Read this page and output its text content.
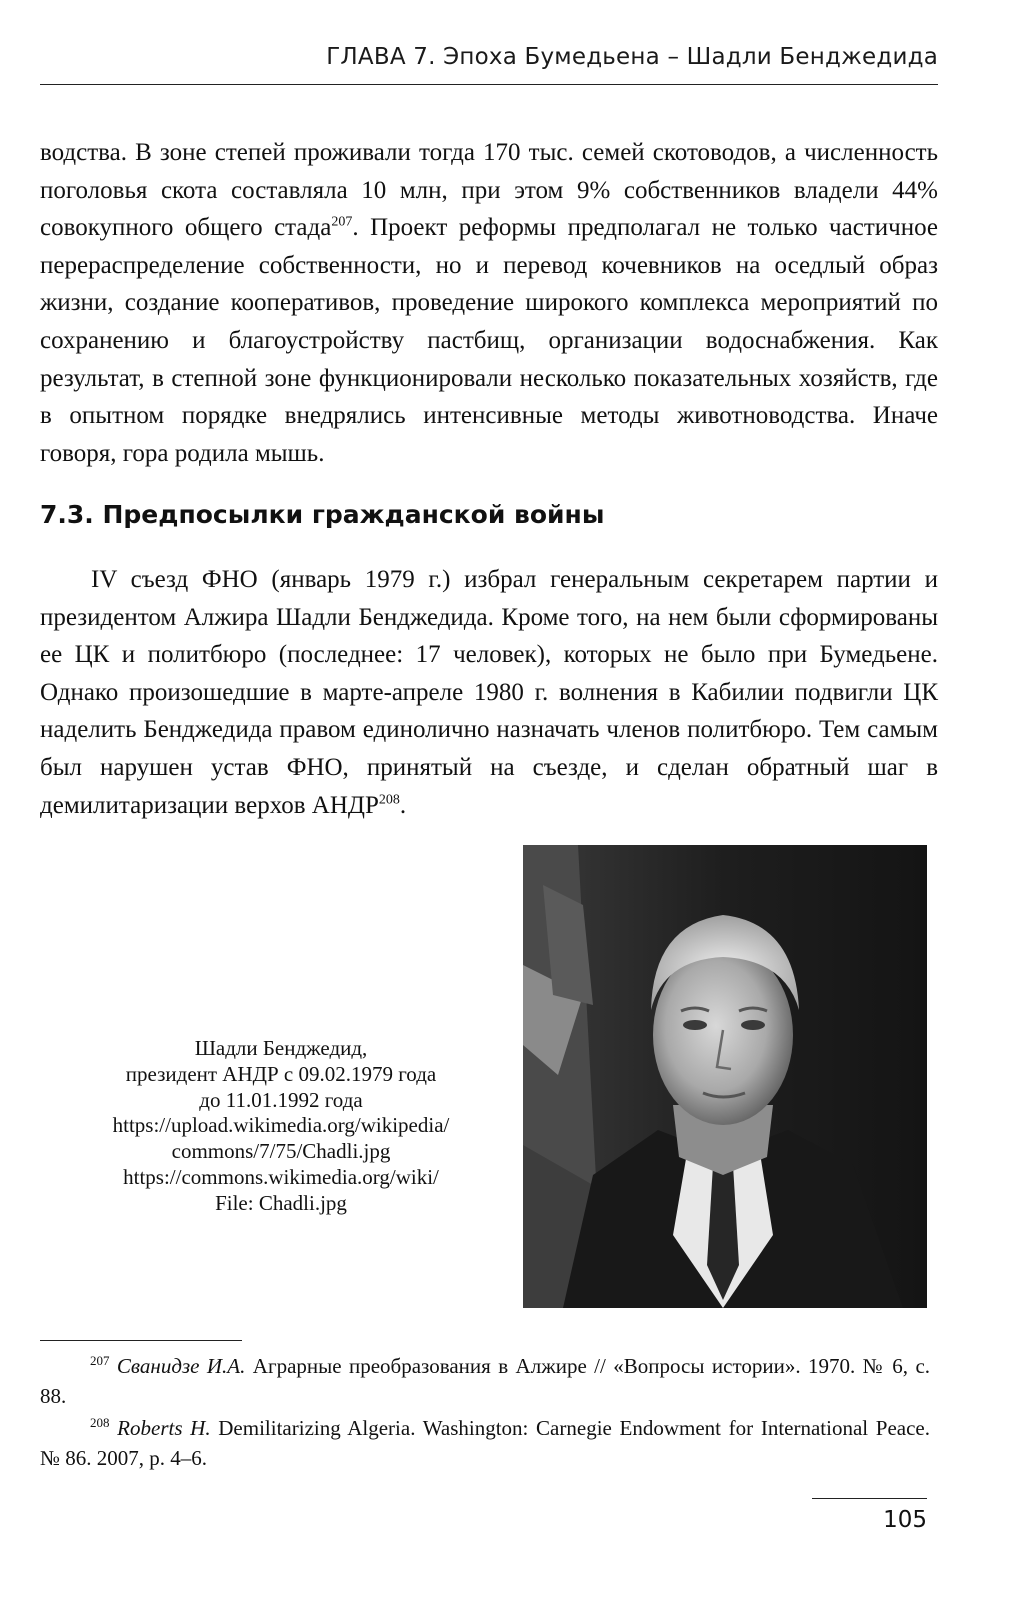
ГЛАВА 7. Эпоха Бумедьена – Шадли Бенджедида

водства. В зоне степей проживали тогда 170 тыс. семей скотоводов, а численность поголовья скота составляла 10 млн, при этом 9% собственников владели 44% совокупного общего стада$^{207}$. Проект реформы предполагал не только частичное перераспределение собственности, но и перевод кочевников на оседлый образ жизни, создание кооперативов, проведение широкого комплекса мероприятий по сохранению и благоустройству пастбищ, организации водоснабжения. Как результат, в степной зоне функционировали несколько показательных хозяйств, где в опытном порядке внедрялись интенсивные методы животноводства. Иначе говоря, гора родила мышь.

7.3. Предпосылки гражданской войны

IV съезд ФНО (январь 1979 г.) избрал генеральным секретарем партии и президентом Алжира Шадли Бенджедида. Кроме того, на нем были сформированы ее ЦК и политбюро (последнее: 17 человек), которых не было при Бумедьене. Однако произошедшие в марте-апреле 1980 г. волнения в Кабилии подвигли ЦК наделить Бенджедида правом единолично назначать членов политбюро. Тем самым был нарушен устав ФНО, принятый на съезде, и сделан обратный шаг в демилитаризации верхов АНДР$^{208}$.

Шадли Бенджедид,
президент АНДР с 09.02.1979 года
до 11.01.1992 года
https://upload.wikimedia.org/wikipedia/
commons/7/75/Chadli.jpg
https://commons.wikimedia.org/wiki/
File: Chadli.jpg

$^{207}$ Сванидзе И.А. Аграрные преобразования в Алжире // «Вопросы истории». 1970. № 6, с. 88.

$^{208}$ Roberts H. Demilitarizing Algeria. Washington: Carnegie Endowment for International Peace. № 86. 2007, p. 4–6.

105
